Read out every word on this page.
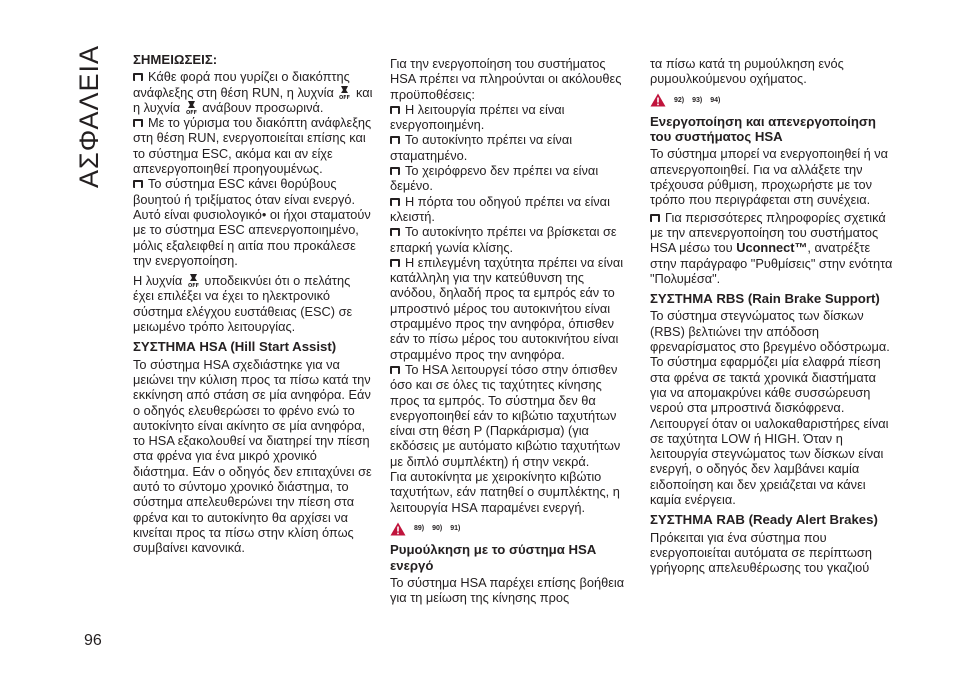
ΑΣΦΑΛΕΙΑ
96
ΣΗΜΕΙΩΣΕΙΣ:

Κάθε φορά που γυρίζει ο διακόπτης ανάφλεξης στη θέση RUN, η λυχνία OFF και η λυχνία OFF ανάβουν προσωρινά.

Με το γύρισμα του διακόπτη ανάφλεξης στη θέση RUN, ενεργοποιείται επίσης και το σύστημα ESC, ακόμα και αν είχε απενεργοποιηθεί προηγουμένως.

Το σύστημα ESC κάνει θορύβους βουητού ή τριξίματος όταν είναι ενεργό. Αυτό είναι φυσιολογικό• οι ήχοι σταματούν με το σύστημα ESC απενεργοποιημένο, μόλις εξαλειφθεί η αιτία που προκάλεσε την ενεργοποίηση.

Η λυχνία OFF υποδεικνύει ότι ο πελάτης έχει επιλέξει να έχει το ηλεκτρονικό σύστημα ελέγχου ευστάθειας (ESC) σε μειωμένο τρόπο λειτουργίας.

ΣΥΣΤΗΜΑ HSA (Hill Start Assist)

Το σύστημα HSA σχεδιάστηκε για να μειώνει την κύλιση προς τα πίσω κατά την εκκίνηση από στάση σε μία ανηφόρα. Εάν ο οδηγός ελευθερώσει το φρένο ενώ το αυτοκίνητο είναι ακίνητο σε μία ανηφόρα, το HSA εξακολουθεί να διατηρεί την πίεση στα φρένα για ένα μικρό χρονικό διάστημα. Εάν ο οδηγός δεν επιταχύνει σε αυτό το σύντομο χρονικό διάστημα, το σύστημα απελευθερώνει την πίεση στα φρένα και το αυτοκίνητο θα αρχίσει να κινείται προς τα πίσω στην κλίση όπως συμβαίνει κανονικά.

Για την ενεργοποίηση του συστήματος HSA πρέπει να πληρούνται οι ακόλουθες προϋποθέσεις:

Η λειτουργία πρέπει να είναι ενεργοποιημένη.

Το αυτοκίνητο πρέπει να είναι σταματημένο.

Το χειρόφρενο δεν πρέπει να είναι δεμένο.

Η πόρτα του οδηγού πρέπει να είναι κλειστή.

Το αυτοκίνητο πρέπει να βρίσκεται σε επαρκή γωνία κλίσης.

Η επιλεγμένη ταχύτητα πρέπει να είναι κατάλληλη για την κατεύθυνση της ανόδου, δηλαδή προς τα εμπρός εάν το μπροστινό μέρος του αυτοκινήτου είναι στραμμένο προς την ανηφόρα, όπισθεν εάν το πίσω μέρος του αυτοκινήτου είναι στραμμένο προς την ανηφόρα.

Το HSA λειτουργεί τόσο στην όπισθεν όσο και σε όλες τις ταχύτητες κίνησης προς τα εμπρός. Το σύστημα δεν θα ενεργοποιηθεί εάν το κιβώτιο ταχυτήτων είναι στη θέση P (Παρκάρισμα) (για εκδόσεις με αυτόματο κιβώτιο ταχυτήτων με διπλό συμπλέκτη) ή στην νεκρά.

Για αυτοκίνητα με χειροκίνητο κιβώτιο ταχυτήτων, εάν πατηθεί ο συμπλέκτης, η λειτουργία HSA παραμένει ενεργή.

89) 90) 91)
Ρυμούλκηση με το σύστημα HSA ενεργό

Το σύστημα HSA παρέχει επίσης βοήθεια για τη μείωση της κίνησης προς

τα πίσω κατά τη ρυμούλκηση ενός ρυμουλκούμενου οχήματος.

92) 93) 94)
Ενεργοποίηση και απενεργοποίηση του συστήματος HSA

Το σύστημα μπορεί να ενεργοποιηθεί ή να απενεργοποιηθεί. Για να αλλάξετε την τρέχουσα ρύθμιση, προχωρήστε με τον τρόπο που περιγράφεται στη συνέχεια.

Για περισσότερες πληροφορίες σχετικά με την απενεργοποίηση του συστήματος HSA μέσω του Uconnect™, ανατρέξτε στην παράγραφο "Ρυθμίσεις" στην ενότητα "Πολυμέσα".

ΣΥΣΤΗΜΑ RBS (Rain Brake Support)

Το σύστημα στεγνώματος των δίσκων (RBS) βελτιώνει την απόδοση φρεναρίσματος στο βρεγμένο οδόστρωμα. Το σύστημα εφαρμόζει μία ελαφρά πίεση στα φρένα σε τακτά χρονικά διαστήματα για να απομακρύνει κάθε συσσώρευση νερού στα μπροστινά δισκόφρενα. Λειτουργεί όταν οι υαλοκαθαριστήρες είναι σε ταχύτητα LOW ή HIGH. Όταν η λειτουργία στεγνώματος των δίσκων είναι ενεργή, ο οδηγός δεν λαμβάνει καμία ειδοποίηση και δεν χρειάζεται να κάνει καμία ενέργεια.

ΣΥΣΤΗΜΑ RAB (Ready Alert Brakes)

Πρόκειται για ένα σύστημα που ενεργοποιείται αυτόματα σε περίπτωση γρήγορης απελευθέρωσης του γκαζιού
